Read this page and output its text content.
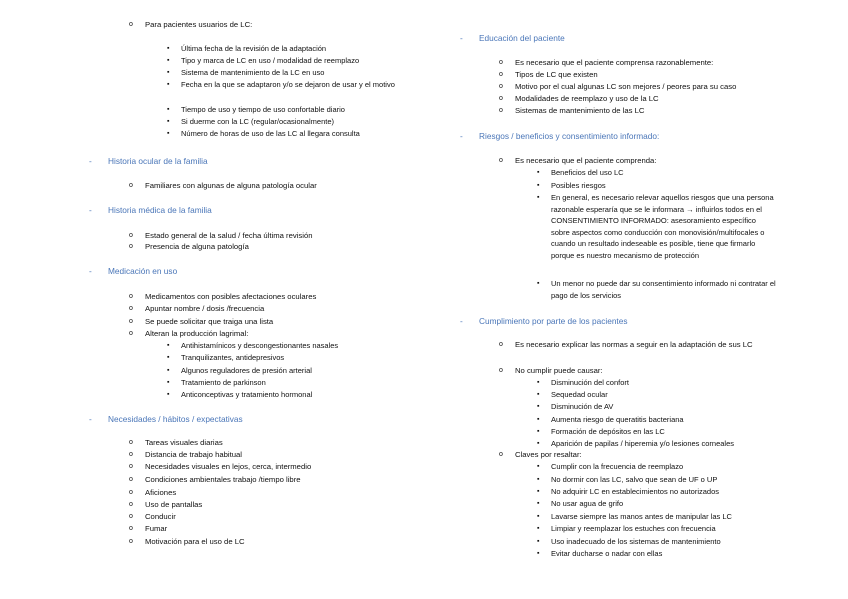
o Para pacientes usuarios de LC:
▪ Última fecha de la revisión de la adaptación
▪ Tipo y marca de LC en uso / modalidad de reemplazo
▪ Sistema de mantenimiento de la LC en uso
▪ Fecha en la que se adaptaron y/o se dejaron de usar y el motivo
▪ Tiempo de uso y tiempo de uso confortable diario
▪ Si duerme con la LC (regular/ocasionalmente)
▪ Número de horas de uso de las LC al llegara consulta
- Historia ocular de la familia
o Familiares con algunas de alguna patología ocular
- Historia médica de la familia
o Estado general de la salud / fecha última revisión
o Presencia de alguna patología
- Medicación en uso
o Medicamentos con posibles afectaciones oculares
o Apuntar nombre / dosis /frecuencia
o Se puede solicitar que traiga una lista
o Alteran la producción lagrimal:
▪ Antihistamínicos y descongestionantes nasales
▪ Tranquilizantes, antidepresivos
▪ Algunos reguladores de presión arterial
▪ Tratamiento de parkinson
▪ Anticonceptivas y tratamiento hormonal
- Necesidades / hábitos / expectativas
o Tareas visuales diarias
o Distancia de trabajo habitual
o Necesidades visuales en lejos, cerca, intermedio
o Condiciones ambientales trabajo /tiempo libre
o Aficiones
o Uso de pantallas
o Conducir
o Fumar
o Motivación para el uso de LC
- Educación del paciente
o Es necesario que el paciente comprensa razonablemente:
o Tipos de LC que existen
o Motivo por el cual algunas LC son mejores / peores para su caso
o Modalidades de reemplazo y uso de la LC
o Sistemas de mantenimiento de las LC
- Riesgos / beneficios y consentimiento informado:
o Es necesario que el paciente comprenda:
▪ Beneficios del uso LC
▪ Posibles riesgos
▪ En general, es necesario relevar aquellos riesgos que una persona razonable esperaría que se le informara → influirlos todos en el CONSENTIMIENTO INFORMADO: asesoramiento específico sobre aspectos como conducción con monovisión/multifocales o cuando un resultado indeseable es posible, tiene que firmarlo porque es nuestro mecanismo de protección
▪ Un menor no puede dar su consentimiento informado ni contratar el pago de los servicios
- Cumplimiento por parte de los pacientes
o Es necesario explicar las normas a seguir en la adaptación de sus LC
o No cumplir puede causar:
▪ Disminución del confort
▪ Sequedad ocular
▪ Disminución de AV
▪ Aumenta riesgo de queratitis bacteriana
▪ Formación de depósitos en las LC
▪ Aparición de papilas / hiperemia y/o lesiones corneales
o Claves por resaltar:
▪ Cumplir con la frecuencia de reemplazo
▪ No dormir con las LC, salvo que sean de UF o UP
▪ No adquirir LC en establecimientos no autorizados
▪ No usar agua de grifo
▪ Lavarse siempre las manos antes de manipular las LC
▪ Limpiar y reemplazar los estuches con frecuencia
▪ Uso inadecuado de los sistemas de mantenimiento
▪ Evitar ducharse o nadar con ellas
